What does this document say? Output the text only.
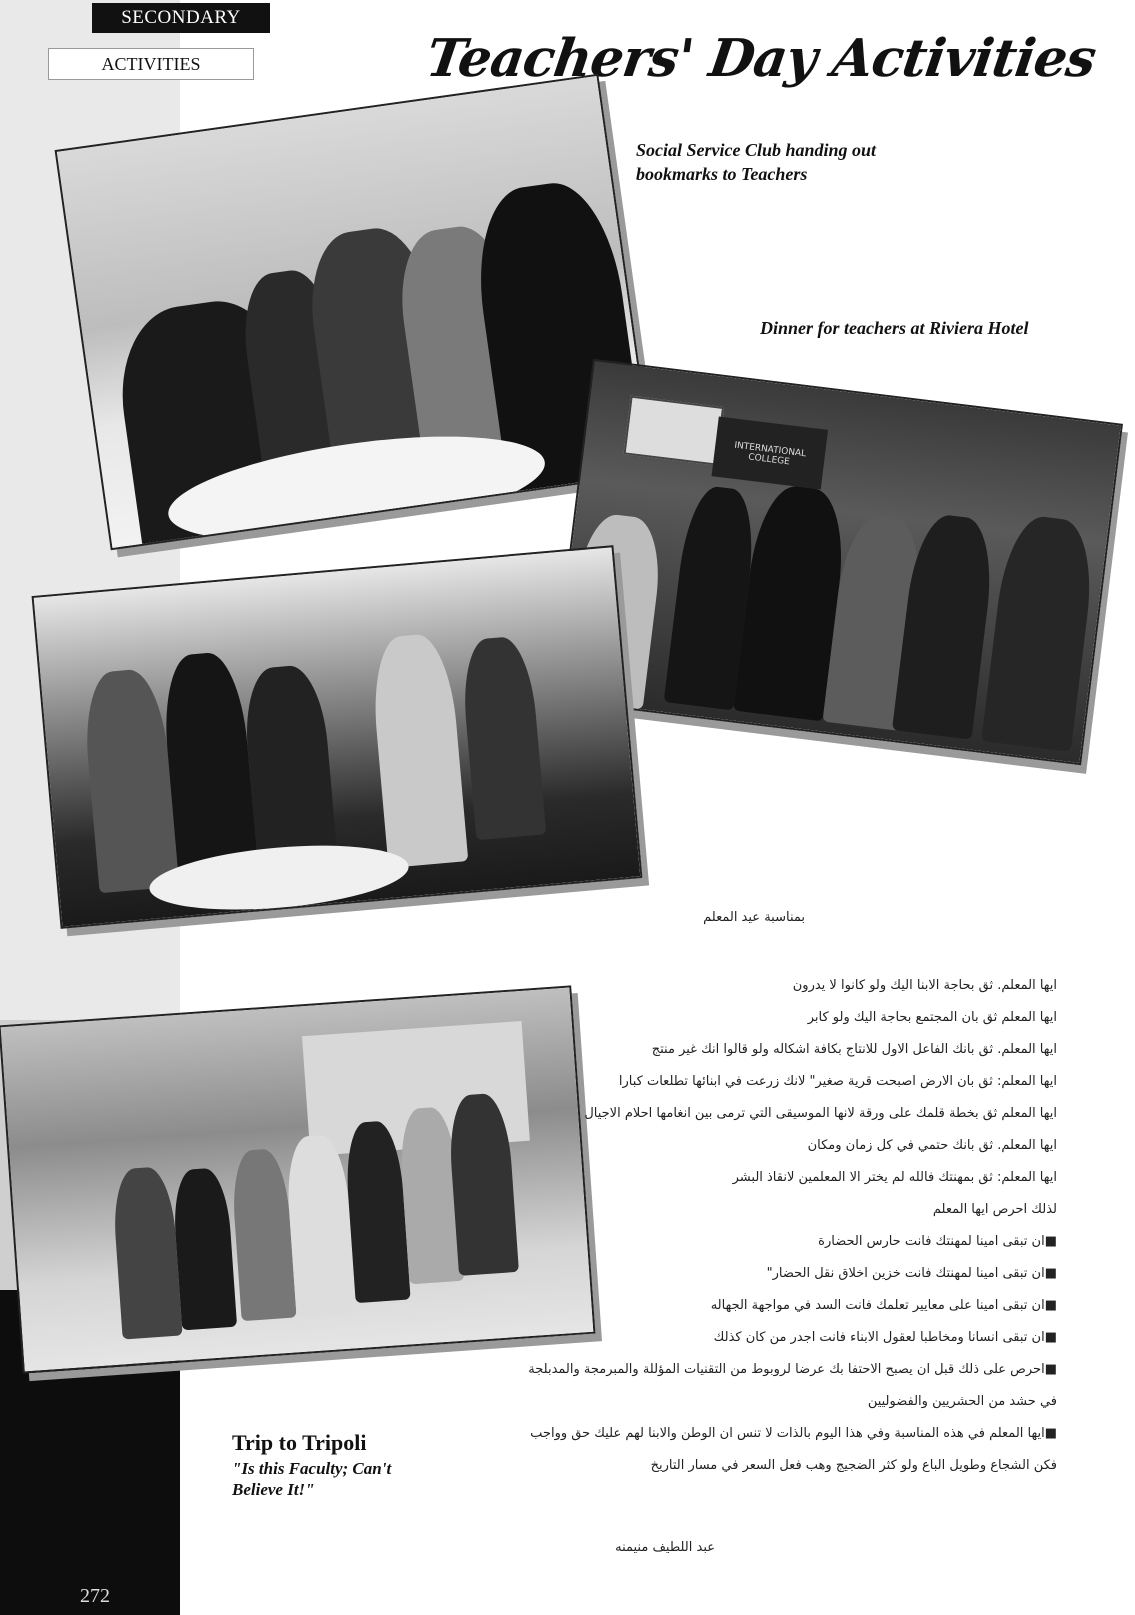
SECONDARY
ACTIVITIES	Teachers' Day Activities
Social Service Club handing out bookmarks to Teachers
Dinner for teachers at Riviera Hotel
INTERNATIONAL COLLEGE
Trip to Tripoli
"Is this Faculty; Can't Believe It!"
بمناسبة عيد المعلم
ايها المعلم. ثق بحاجة الابنا اليك ولو كانوا لا يدرون
ايها المعلم ثق بان المجتمع بحاجة اليك ولو كابر
ايها المعلم. ثق بانك الفاعل الاول للانتاج بكافة اشكاله ولو قالوا انك غير منتج
ايها المعلم: ثق بان الارض اصبحت قرية صغير" لانك زرعت في ابنائها تطلعات كبارا
ايها المعلم ثق بخطة قلمك على ورقة لانها الموسيقى التي ترمى بين انغامها احلام الاجيال
ايها المعلم. ثق بانك حتمي في كل زمان ومكان
ايها المعلم: ثق بمهنتك فالله لم يختر الا المعلمين لانقاذ البشر
لذلك احرص ايها المعلم
■ان تبقى امينا لمهنتك فانت حارس الحضارة
■ان تبقى امينا لمهنتك فانت خزين اخلاق نقل الحضار"
■ان تبقى امينا على معايير تعلمك فانت السد في مواجهة الجهاله
■ان تبقى انسانا ومخاطبا لعقول الابناء فانت اجدر من كان كذلك
■احرص على ذلك قبل ان يصبح الاحتفا بك عرضا لروبوط من التقنيات المؤللة والمبرمجة والمدبلجة
في حشد من الحشريين والفضوليين
■ايها المعلم في هذه المناسبة وفي هذا اليوم بالذات لا تنس ان الوطن والابنا لهم عليك حق وواجب
فكن الشجاع وطويل الباع ولو كثر الضجيج وهب فعل السعر في مسار التاريخ
عبد اللطيف منيمنه
272
